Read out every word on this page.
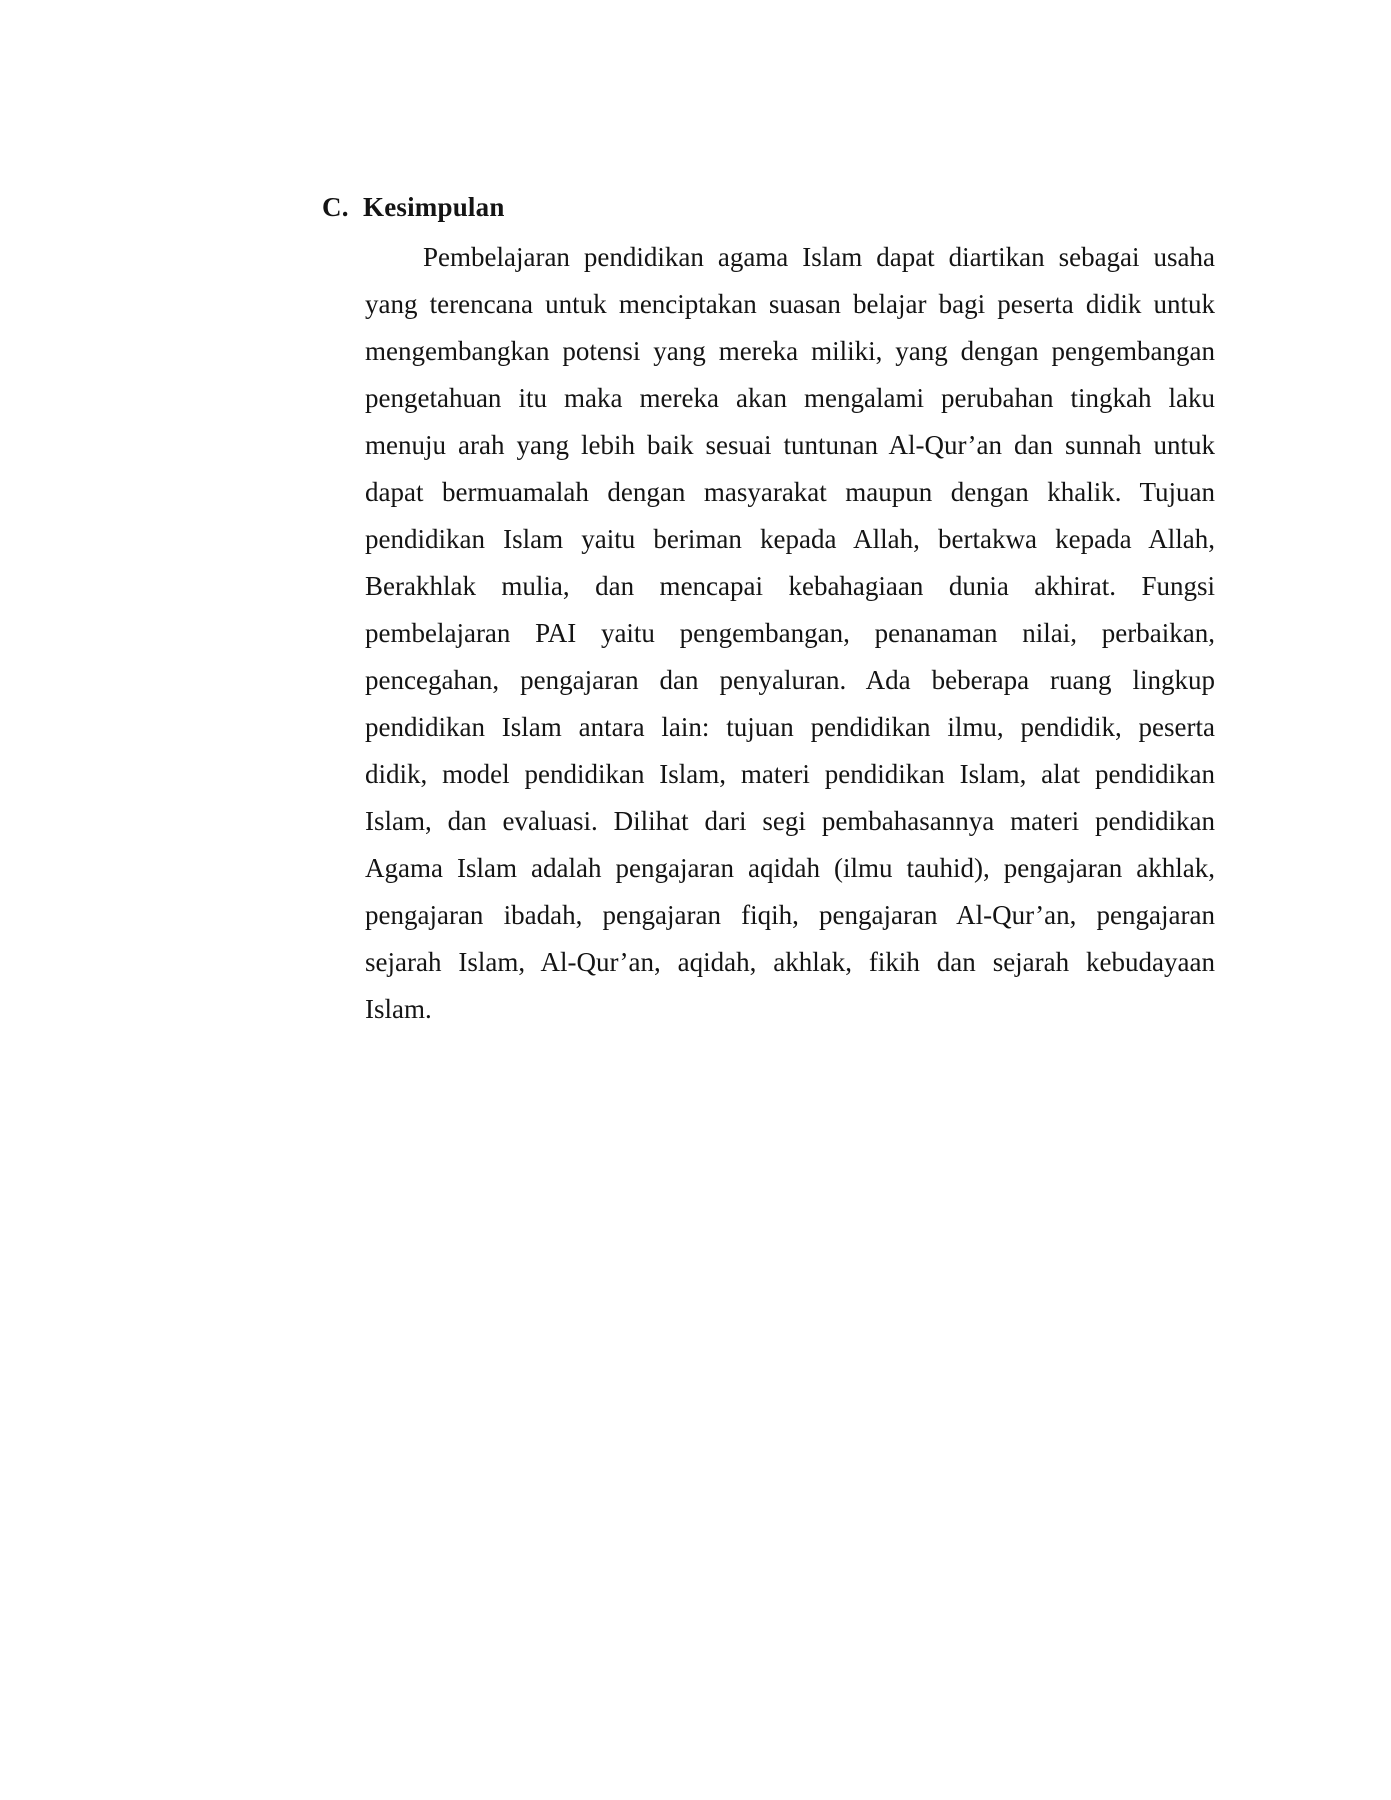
C. Kesimpulan
Pembelajaran pendidikan agama Islam dapat diartikan sebagai usaha
yang terencana untuk menciptakan suasan belajar bagi peserta didik untuk
mengembangkan potensi yang mereka miliki, yang dengan pengembangan
pengetahuan itu maka mereka akan mengalami perubahan tingkah laku
menuju arah yang lebih baik sesuai tuntunan Al-Qur’an dan sunnah untuk
dapat bermuamalah dengan masyarakat maupun dengan khalik. Tujuan
pendidikan Islam yaitu beriman kepada Allah, bertakwa kepada Allah,
Berakhlak mulia, dan mencapai kebahagiaan dunia akhirat. Fungsi
pembelajaran PAI yaitu pengembangan, penanaman nilai, perbaikan,
pencegahan, pengajaran dan penyaluran. Ada beberapa ruang lingkup
pendidikan Islam antara lain: tujuan pendidikan ilmu, pendidik, peserta
didik, model pendidikan Islam, materi pendidikan Islam, alat pendidikan
Islam, dan evaluasi. Dilihat dari segi pembahasannya materi pendidikan
Agama Islam adalah pengajaran aqidah (ilmu tauhid), pengajaran akhlak,
pengajaran ibadah, pengajaran fiqih, pengajaran Al-Qur’an, pengajaran
sejarah Islam, Al-Qur’an, aqidah, akhlak, fikih dan sejarah kebudayaan
Islam.
